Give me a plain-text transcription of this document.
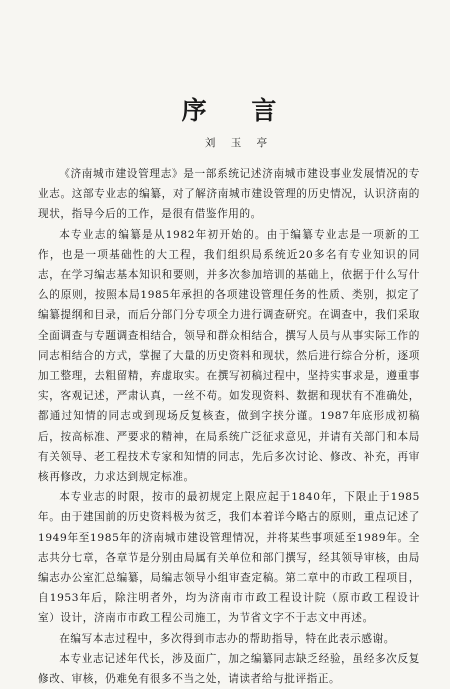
序 言
刘 玉 亭

《济南城市建设管理志》是一部系统记述济南城市建设事业发展情况的专业志。这部专业志的编纂，对了解济南城市建设管理的历史情况，认识济南的现状，指导今后的工作，是很有借鉴作用的。

本专业志的编纂是从1982年初开始的。由于编纂专业志是一项新的工作，也是一项基础性的大工程，我们组织局系统近20多名有专业知识的同志，在学习编志基本知识和要则，并多次参加培训的基础上，依据于什么写什么的原则，按照本局1985年承担的各项建设管理任务的性质、类别，拟定了编纂提纲和目录，而后分部门分专项全力进行调查研究。在调查中，我们采取全面调查与专题调查相结合，领导和群众相结合，撰写人员与从事实际工作的同志相结合的方式，掌握了大量的历史资料和现状，然后进行综合分析，逐项加工整理，去粗留精，弃虚取实。在撰写初稿过程中，坚持实事求是，遵重事实，客观记述，严肃认真，一丝不苟。如发现资料、数据和现状有不准确处，都通过知情的同志或到现场反复核查，做到字挟分谨。1987年底形成初稿后，按高标准、严要求的精神，在局系统广泛征求意见，并请有关部门和本局有关领导、老工程技术专家和知情的同志，先后多次讨论、修改、补充，再审核再修改，力求达到规定标准。

本专业志的时限，按市的最初规定上限应起于1840年，下限止于1985年。由于建国前的历史资料极为贫乏，我们本着详今略古的原则，重点记述了1949年至1985年的济南城市建设管理情况，并将某些事项延至1989年。全志共分七章，各章节是分别由局属有关单位和部门撰写，经其领导审核，由局编志办公室汇总编纂，局编志领导小组审查定稿。第二章中的市政工程项目，自1953年后，除注明者外，均为济南市市政工程设计院（原市政工程设计室）设计，济南市市政工程公司施工，为节省文字不于志文中再述。

在编写本志过程中，多次得到市志办的帮助指导，特在此表示感谢。

本专业志记述年代长，涉及面广，加之编纂同志缺乏经验，虽经多次反复修改、审核，仍难免有很多不当之处，请读者给与批评指正。
